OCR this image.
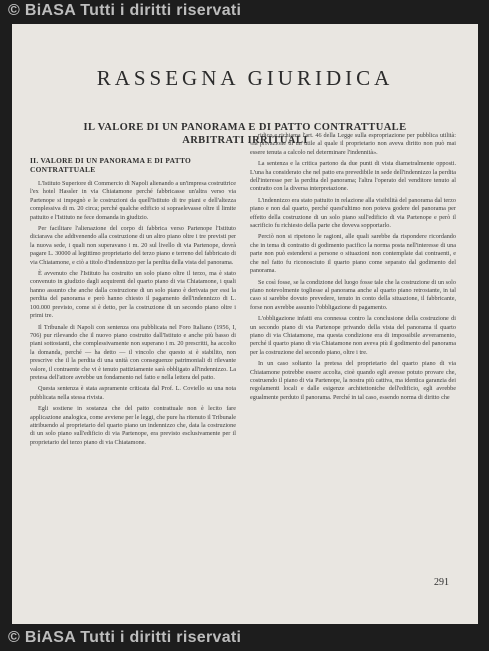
© BiASA Tutti i diritti riservati
RASSEGNA GIURIDICA
IL VALORE DI UN PANORAMA E DI PATTO CONTRATTUALE
ARBITRATI IRRITUALI
II. VALORE DI UN PANORAMA E DI PATTO
CONTRATTUALE

L'Istituto Superiore di Commercio di Napoli alienando a un'impresa costruttrice l'ex hotel Hassler in via Chiatamone perché fabbricasse un'altra verso via Partenope si impegnò e le costruzioni da quell'Istituto di tre piani e dell'altezza complessiva di m. 20 circa; perché qualche edificio si sopraelevasse oltre il limite pattuito e l'Istituto ne fece domanda in giudizio.

Per facilitare l'alienazione del corpo di fabbrica verso Partenope l'Istituto diciarava che addivenendo alla costruzione di un altro piano oltre i tre previsti per la nuova sede, i quali non superavano i m. 20 sul livello di via Partenope, dovrà pagare L. 30000 al legittimo proprietario del terzo piano e terreno del fabbricato di via Chiatamone, e ciò a titolo d'indennizzo per la perdita della vista del panorama.

È avvenuto che l'Istituto ha costruito un solo piano oltre il terzo, ma è stato convenuto in giudizio dagli acquirenti del quarto piano di via Chiatamone, i quali hanno assunto che anche dalla costruzione di un solo piano è derivata per essi la perdita del panorama e però hanno chiesto il pagamento dell'indennizzo di L. 100.000 previsto, come si è detto, per la costruzione di un secondo piano oltre i primi tre.

Il Tribunale di Napoli con sentenza ora pubblicata nel Foro Italiano (1956, I, 706) pur rilevando che il nuovo piano costruito dall'Istituto e anche più basso di piani sottostanti, che complessivamente non superano i m. 20 prescritti, ha accolto la domanda, perché — ha detto — il vincolo che questo si è stabilito, non prescrive che il la perdita di una unità con conseguenze patrimoniali di rilevante valore, il contraente che vi è tenuto pattiziamente sarà obbligato all'indennizzo. La pretesa dell'attore avrebbe un fondamento nel fatto e nella lettera del patto.

Questa sentenza è stata aspramente criticata dal Prof. L. Coviello su una nota pubblicata nella stessa rivista.

Egli sostiene in sostanza che del patto contrattuale non è lecito fare applicazione analogica, come avviene per le leggi, che pure ha ritenuto il Tribunale attribuendo al proprietario del quarto piano un indennizzo che, data la costruzione di un solo piano sull'edificio di via Partenope, era previsto esclusivamente per il proprietario del terzo piano di via Chiatamone.

ridico e richiama l'art. 46 della Legge sulla espropriazione per pubblica utilità: «la privazione di un utile al quale il proprietario non aveva diritto non può mai essere tenuta a calcolo nel determinare l'indennità».

La sentenza e la critica partono da due punti di vista diametralmente opposti. L'una ha considerato che nel patto era prevedibile in sede dell'indennizzo la perdita dell'interesse per la perdita del panorama; l'altra l'operato del venditore tenuto al contratto con la diversa interpretazione.

L'indennizzo era stato pattuito in relazione alla visibilità del panorama dal terzo piano e non dal quarto, perché quest'ultimo non poteva godere del panorama per effetto della costruzione di un solo piano sull'edificio di via Partenope e però il sacrificio fu richiesto della parte che doveva sopportarlo.

Perciò non si ripetono le ragioni, alle quali sarebbe da rispondere ricordando che in tema di contratto di godimento pacifico la norma posta nell'interesse di una parte non può estendersi a persone o situazioni non contemplate dai contraenti, e che nel fatto fu riconosciuto il quarto piano come separato dal godimento del panorama.

Se così fosse, se la condizione del luogo fosse tale che la costruzione di un solo piano notevolmente togliesse al panorama anche al quarto piano retrostante, in tal caso si sarebbe dovuto prevedere, tenuto in conto della situazione, il fabbricante, forse non avrebbe assunto l'obbligazione di pagamento.

L'obbligazione infatti era connessa contro la conclusione della costruzione di un secondo piano di via Partenope privando della vista del panorama il quarto piano di via Chiatamone, ma questa condizione era di impossibile avveramento, perché il quarto piano di via Chiatamone non aveva più il godimento del panorama per la costruzione del secondo piano, oltre i tre.

In un caso soltanto la pretesa del proprietario del quarto piano di via Chiatamone potrebbe essere accolta, cioè quando egli avesse potuto provare che, costruendo il piano di via Partenope, la nostra più cattiva, ma identica garanzia dei regolamenti locali e dalle esigenze architettoniche dell'edificio, egli avrebbe egualmente perduto il panorama. Perché in tal caso, essendo norma di diritto che

291
© BiASA Tutti i diritti riservati
